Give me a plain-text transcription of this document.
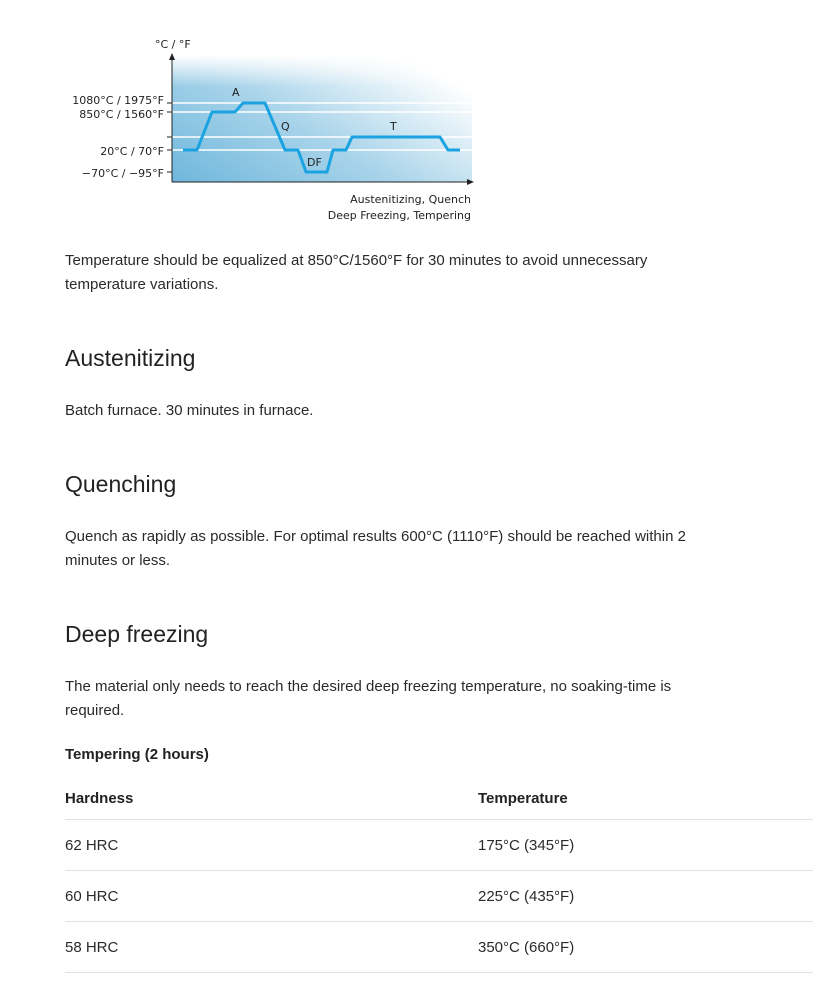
°C / °F
1080°C / 1975°F
850°C / 1560°F
20°C / 70°F
−70°C / −95°F
A
Q
DF
T
Austenitizing, Quench
Deep Freezing, Tempering
Temperature should be equalized at 850°C/1560°F for 30 minutes to avoid unnecessary temperature variations.
Austenitizing
Batch furnace. 30 minutes in furnace.
Quenching
Quench as rapidly as possible. For optimal results 600°C (1110°F) should be reached within 2 minutes or less.
Deep freezing
The material only needs to reach the desired deep freezing temperature, no soaking-time is required.
Tempering (2 hours)
Hardness	Temperature
62 HRC	175°C (345°F)
60 HRC	225°C (435°F)
58 HRC	350°C (660°F)
